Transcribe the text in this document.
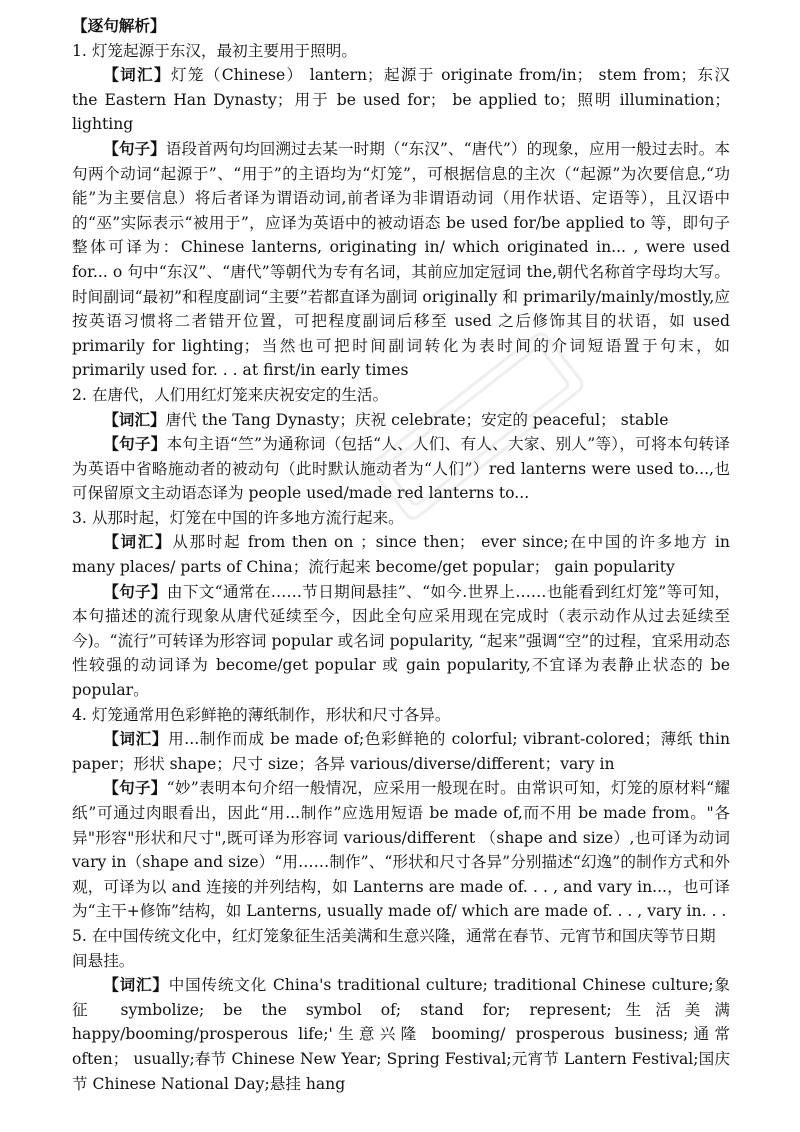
【逐句解析】
1. 灯笼起源于东汉，最初主要用于照明。
【词汇】灯笼（Chinese） lantern；起源于 originate from/in； stem from；东汉 the Eastern Han Dynasty；用于 be used for； be applied to；照明 illumination； lighting
【句子】语段首两句均回溯过去某一时期（“东汉”、“唐代”）的现象，应用一般过去时。本句两个动词“起源于”、“用于”的主语均为“灯笼”，可根据信息的主次（“起源”为次要信息,“功能”为主要信息）将后者译为谓语动词,前者译为非谓语动词（用作状语、定语等），且汉语中的“巫”实际表示“被用于”，应译为英语中的被动语态 be used for/be applied to 等，即句子整体可译为：Chinese lanterns, originating in/ which originated in... , were used for... o 句中“东汉”、“唐代”等朝代为专有名词，其前应加定冠词 the,朝代名称首字母均大写。时间副词“最初”和程度副词“主要”若都直译为副词 originally 和 primarily/mainly/mostly,应按英语习惯将二者错开位置，可把程度副词后移至 used 之后修饰其目的状语，如 used primarily for lighting；当然也可把时间副词转化为表时间的介词短语置于句末，如 primarily used for. . . at first/in early times
2. 在唐代，人们用红灯笼来庆祝安定的生活。
【词汇】唐代 the Tang Dynasty；庆祝 celebrate；安定的 peaceful； stable
【句子】本句主语“竺”为通称词（包括“人、人们、有人、大家、别人”等），可将本句转译为英语中省略施动者的被动句（此时默认施动者为“人们”）red lanterns were used to...,也可保留原文主动语态译为 people used/made red lanterns to...
3. 从那时起，灯笼在中国的许多地方流行起来。
【词汇】从那时起 from then on ；since then； ever since;在中国的许多地方 in many places/ parts of China；流行起来 become/get popular； gain popularity
【句子】由下文“通常在……节日期间悬挂”、“如今.世界上……也能看到红灯笼”等可知，本句描述的流行现象从唐代延续至今，因此全句应采用现在完成时（表示动作从过去延续至今)。“流行”可转译为形容词 popular 或名词 popularity, “起来”强调“空”的过程，宜采用动态性较强的动词译为 become/get popular 或 gain popularity,不宜译为表静止状态的 be popular。
4. 灯笼通常用色彩鲜艳的薄纸制作，形状和尺寸各异。
【词汇】用...制作而成 be made of;色彩鲜艳的 colorful; vibrant-colored；薄纸 thin paper；形状 shape；尺寸 size；各异 various/diverse/different；vary in
【句子】“妙”表明本句介绍一般情况，应采用一般现在时。由常识可知，灯笼的原材料“耀 纸”可通过肉眼看出，因此“用...制作”应选用短语 be made of,而不用 be made from。"各异"形容"形状和尺寸",既可译为形容词 various/different （shape and size）,也可译为动词 vary in（shape and size）“用……制作”、“形状和尺寸各异”分别描述“幻逸”的制作方式和外观，可译为以 and 连接的并列结构，如 Lanterns are made of. . . , and vary in...，也可译为“主干+修饰”结构，如 Lanterns, usually made of/ which are made of. . . , vary in. . .
5. 在中国传统文化中，红灯笼象征生活美满和生意兴隆，通常在春节、元宵节和国庆等节日期间悬挂。
【词汇】中国传统文化 China's traditional culture; traditional Chinese culture;象征 symbolize; be the symbol of; stand for; represent;生活美满 happy/booming/prosperous life;'生意兴隆 booming/ prosperous business;通常 often； usually;春节 Chinese New Year; Spring Festival;元宵节 Lantern Festival;国庆节 Chinese National Day;悬挂 hang
